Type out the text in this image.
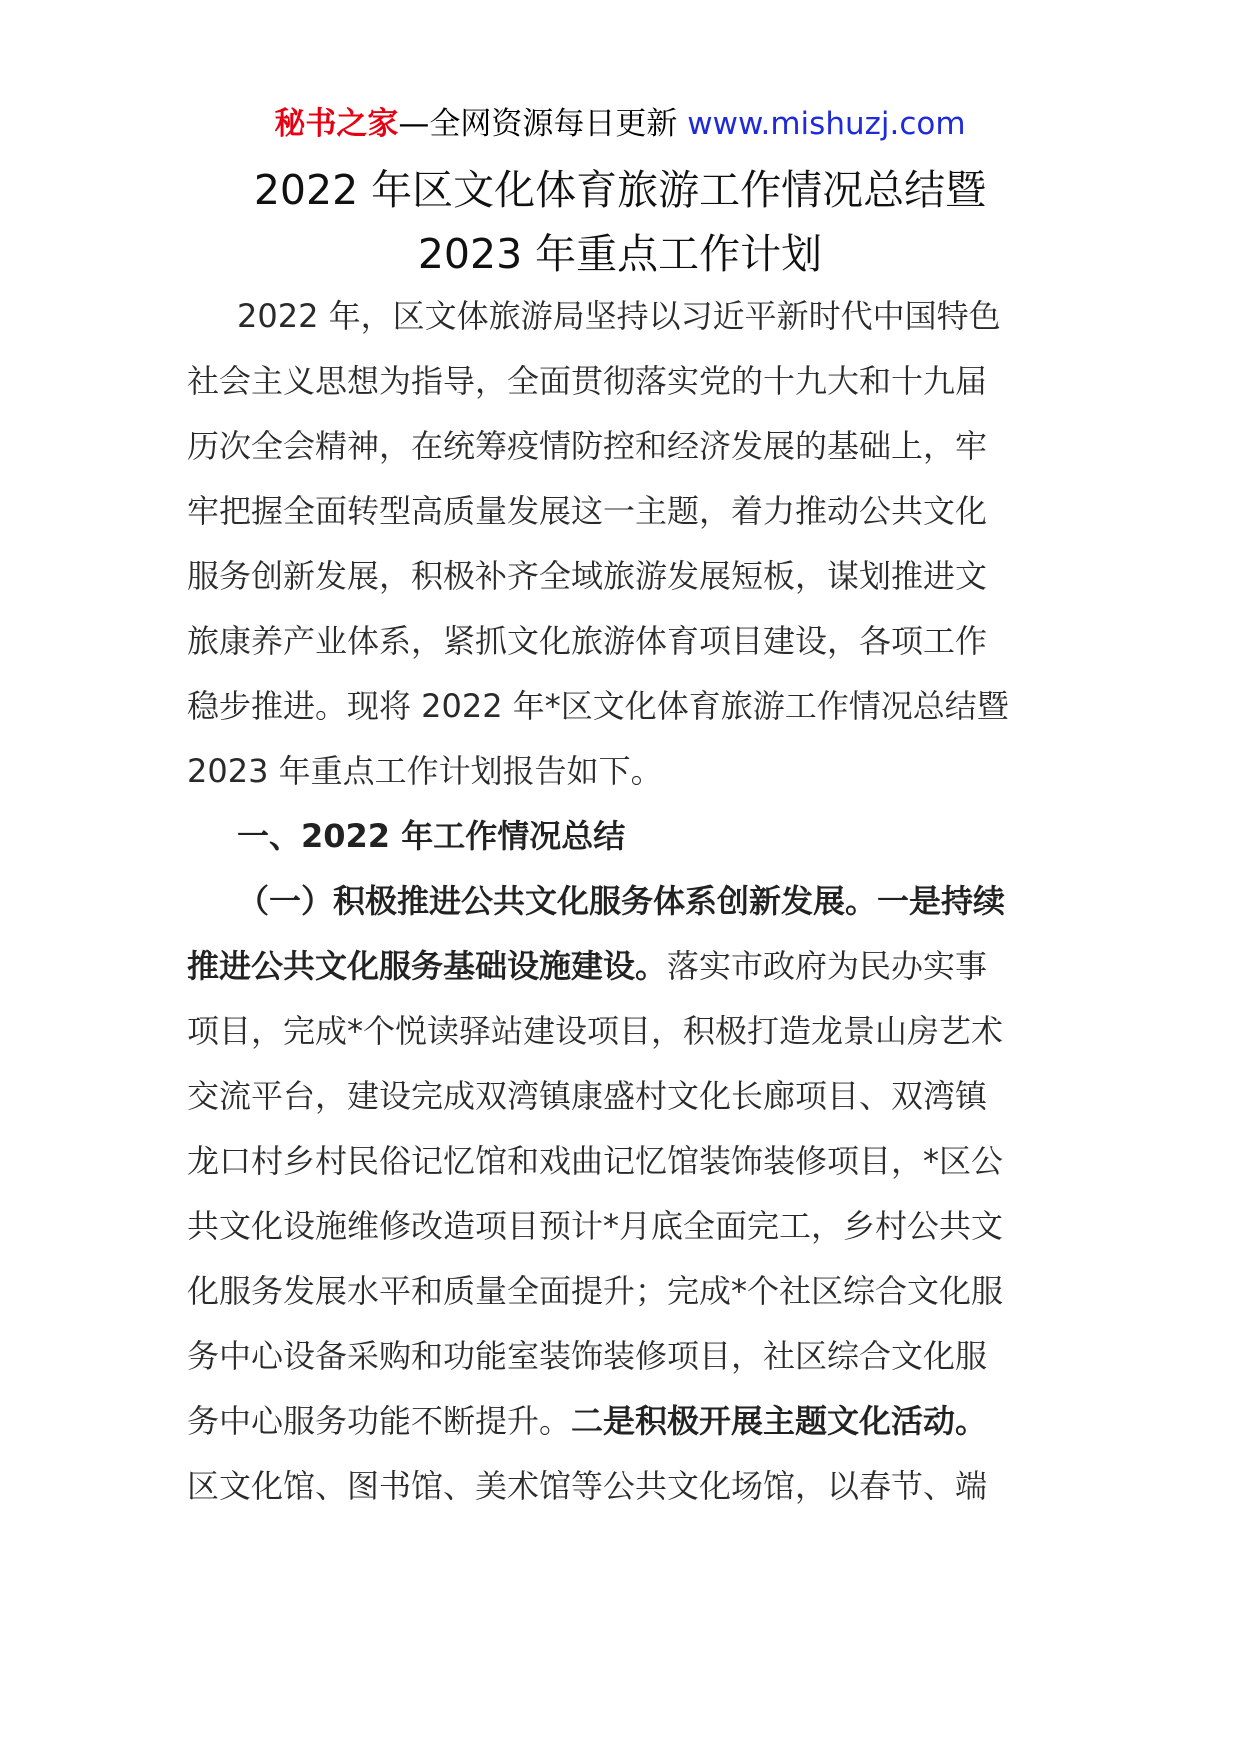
秘书之家—全网资源每日更新 www.mishuzj.com
2022 年区文化体育旅游工作情况总结暨
2023 年重点工作计划
2022 年，区文体旅游局坚持以习近平新时代中国特色
社会主义思想为指导，全面贯彻落实党的十九大和十九届
历次全会精神，在统筹疫情防控和经济发展的基础上，牢
牢把握全面转型高质量发展这一主题，着力推动公共文化
服务创新发展，积极补齐全域旅游发展短板，谋划推进文
旅康养产业体系，紧抓文化旅游体育项目建设，各项工作
稳步推进。现将 2022 年*区文化体育旅游工作情况总结暨
2023 年重点工作计划报告如下。
一、2022 年工作情况总结
（一）积极推进公共文化服务体系创新发展。一是持续
推进公共文化服务基础设施建设。落实市政府为民办实事
项目，完成*个悦读驿站建设项目，积极打造龙景山房艺术
交流平台，建设完成双湾镇康盛村文化长廊项目、双湾镇
龙口村乡村民俗记忆馆和戏曲记忆馆装饰装修项目，*区公
共文化设施维修改造项目预计*月底全面完工，乡村公共文
化服务发展水平和质量全面提升；完成*个社区综合文化服
务中心设备采购和功能室装饰装修项目，社区综合文化服
务中心服务功能不断提升。二是积极开展主题文化活动。
区文化馆、图书馆、美术馆等公共文化场馆，以春节、端
